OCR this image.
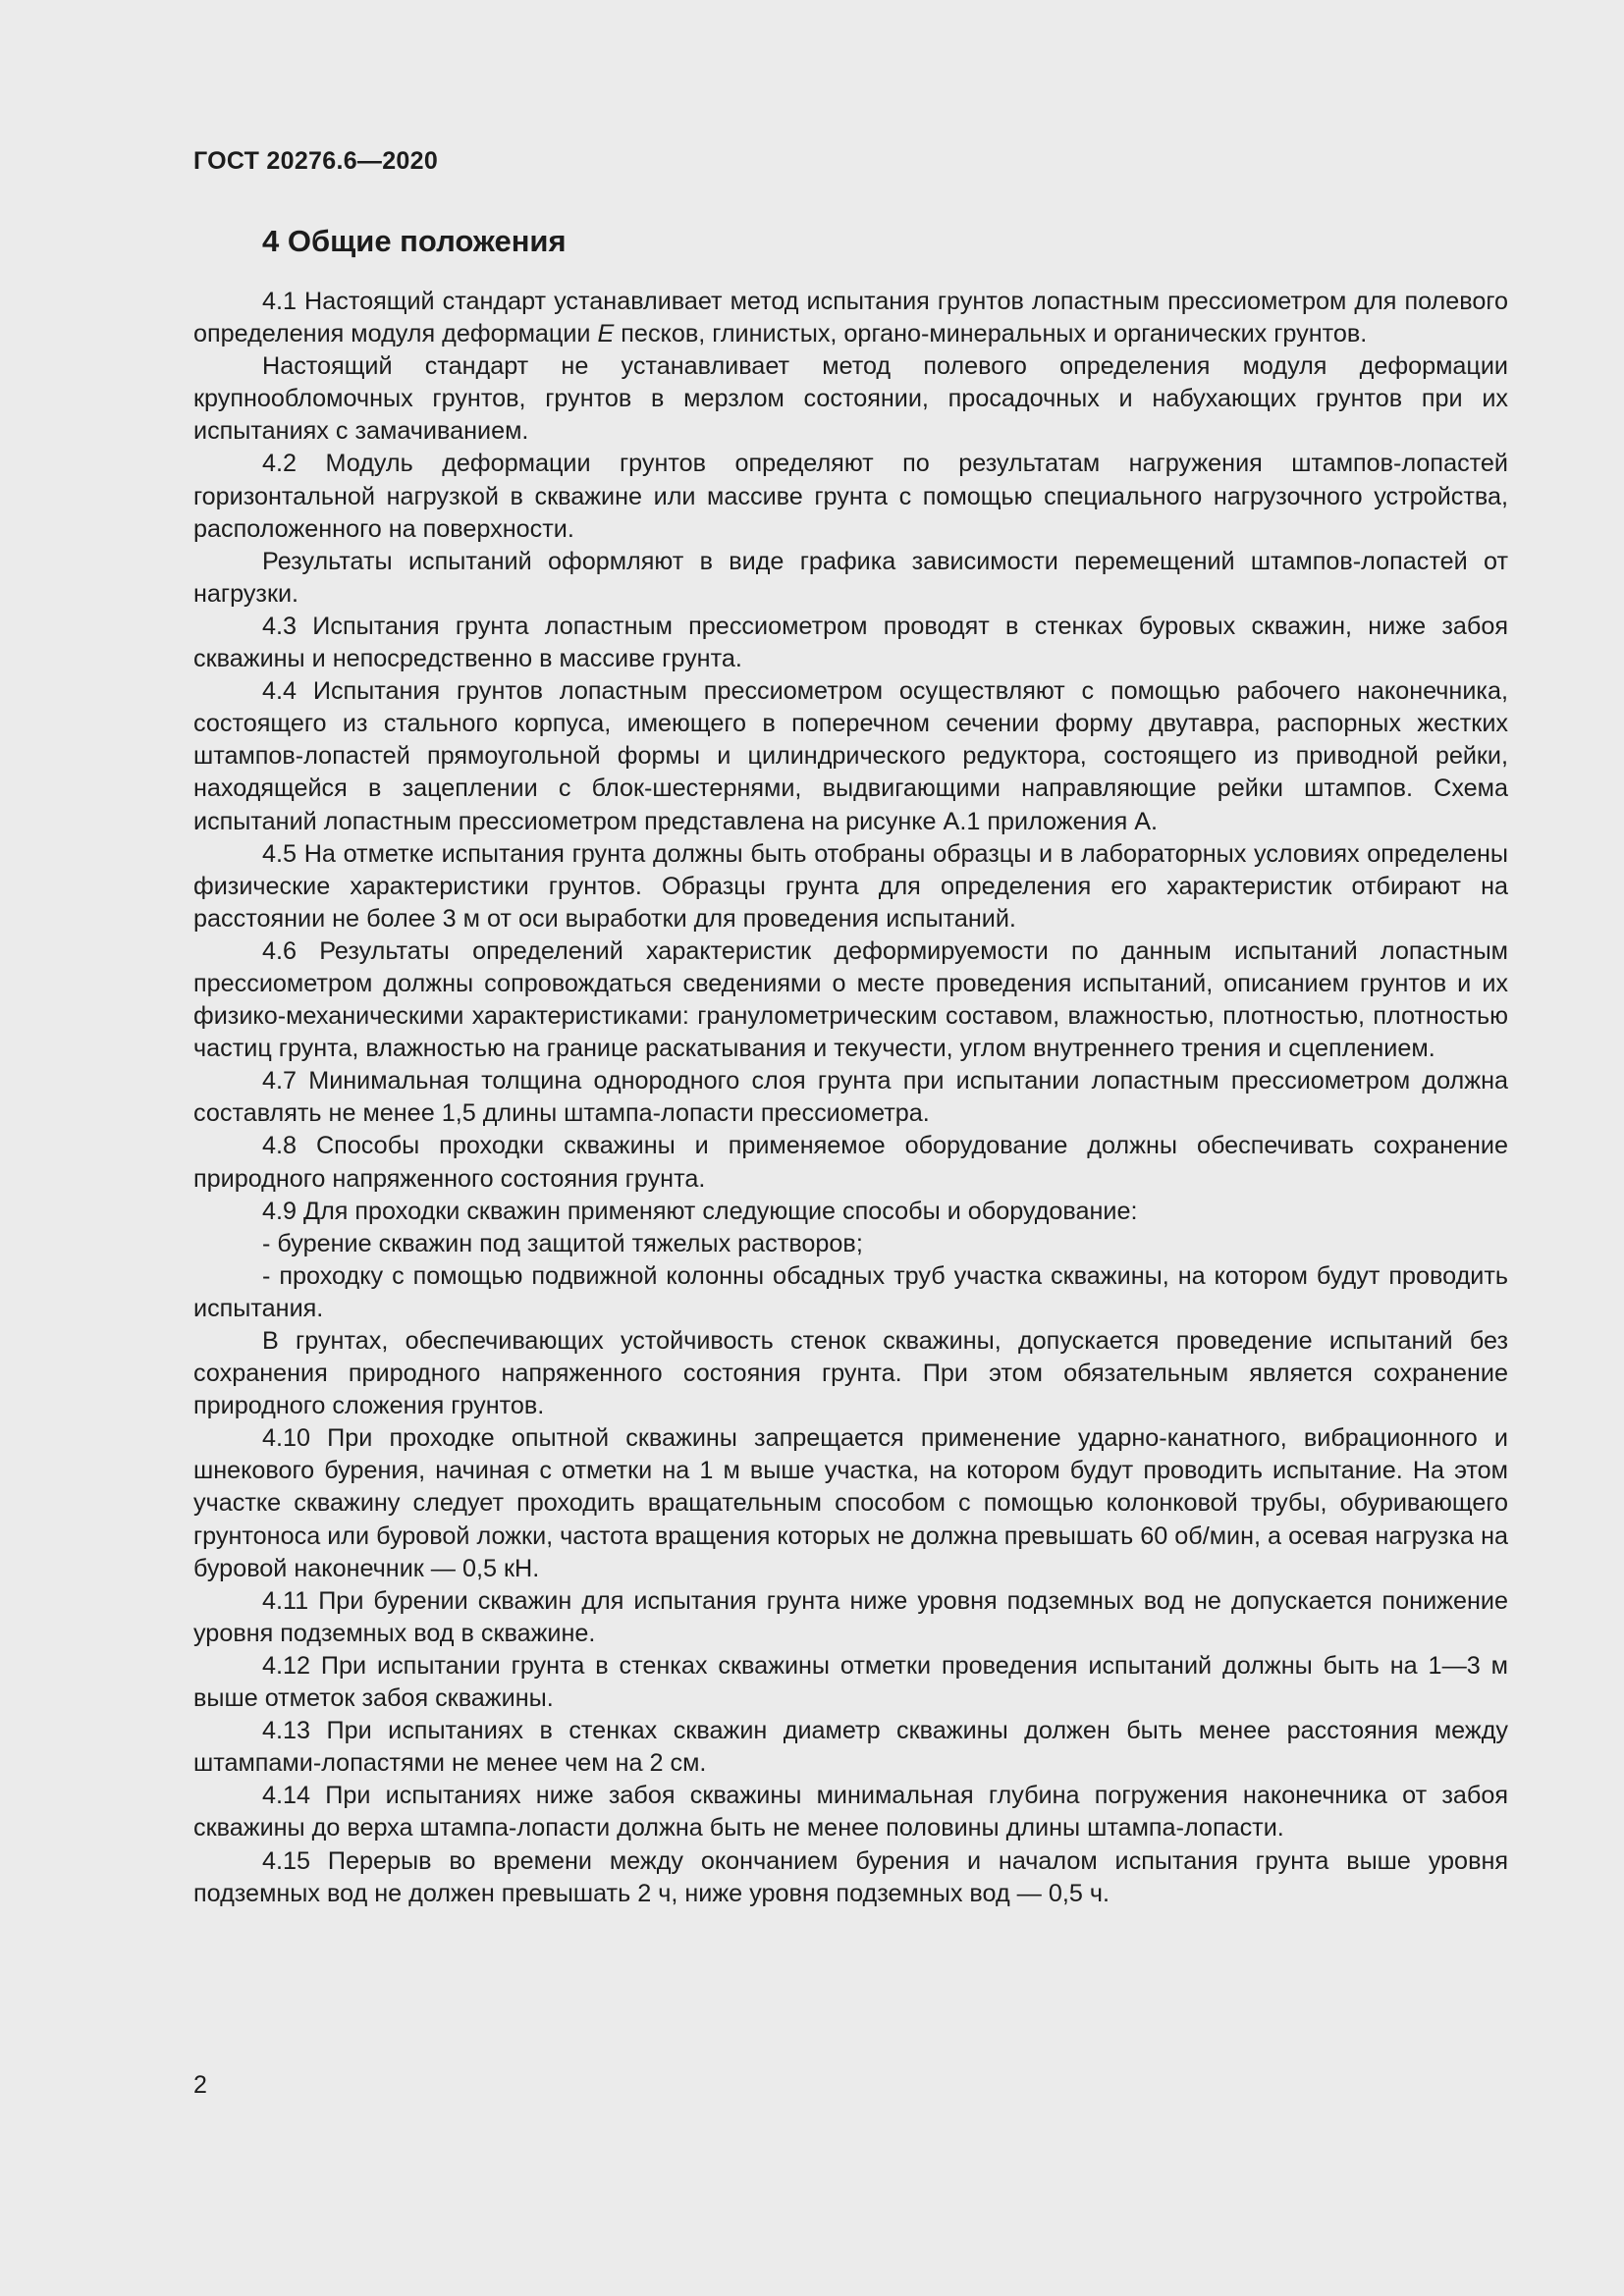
ГОСТ 20276.6—2020
4 Общие положения

4.1 Настоящий стандарт устанавливает метод испытания грунтов лопастным прессиометром для полевого определения модуля деформации E песков, глинистых, органо-минеральных и органических грунтов.

Настоящий стандарт не устанавливает метод полевого определения модуля деформации крупнообломочных грунтов, грунтов в мерзлом состоянии, просадочных и набухающих грунтов при их испытаниях с замачиванием.

4.2 Модуль деформации грунтов определяют по результатам нагружения штампов-лопастей горизонтальной нагрузкой в скважине или массиве грунта с помощью специального нагрузочного устройства, расположенного на поверхности.

Результаты испытаний оформляют в виде графика зависимости перемещений штампов-лопастей от нагрузки.

4.3 Испытания грунта лопастным прессиометром проводят в стенках буровых скважин, ниже забоя скважины и непосредственно в массиве грунта.

4.4 Испытания грунтов лопастным прессиометром осуществляют с помощью рабочего наконечника, состоящего из стального корпуса, имеющего в поперечном сечении форму двутавра, распорных жестких штампов-лопастей прямоугольной формы и цилиндрического редуктора, состоящего из приводной рейки, находящейся в зацеплении с блок-шестернями, выдвигающими направляющие рейки штампов. Схема испытаний лопастным прессиометром представлена на рисунке А.1 приложения А.

4.5 На отметке испытания грунта должны быть отобраны образцы и в лабораторных условиях определены физические характеристики грунтов. Образцы грунта для определения его характеристик отбирают на расстоянии не более 3 м от оси выработки для проведения испытаний.

4.6 Результаты определений характеристик деформируемости по данным испытаний лопастным прессиометром должны сопровождаться сведениями о месте проведения испытаний, описанием грунтов и их физико-механическими характеристиками: гранулометрическим составом, влажностью, плотностью, плотностью частиц грунта, влажностью на границе раскатывания и текучести, углом внутреннего трения и сцеплением.

4.7 Минимальная толщина однородного слоя грунта при испытании лопастным прессиометром должна составлять не менее 1,5 длины штампа-лопасти прессиометра.

4.8 Способы проходки скважины и применяемое оборудование должны обеспечивать сохранение природного напряженного состояния грунта.

4.9 Для проходки скважин применяют следующие способы и оборудование:

- бурение скважин под защитой тяжелых растворов;

- проходку с помощью подвижной колонны обсадных труб участка скважины, на котором будут проводить испытания.

В грунтах, обеспечивающих устойчивость стенок скважины, допускается проведение испытаний без сохранения природного напряженного состояния грунта. При этом обязательным является сохранение природного сложения грунтов.

4.10 При проходке опытной скважины запрещается применение ударно-канатного, вибрационного и шнекового бурения, начиная с отметки на 1 м выше участка, на котором будут проводить испытание. На этом участке скважину следует проходить вращательным способом с помощью колонковой трубы, обуривающего грунтоноса или буровой ложки, частота вращения которых не должна превышать 60 об/мин, а осевая нагрузка на буровой наконечник — 0,5 кН.

4.11 При бурении скважин для испытания грунта ниже уровня подземных вод не допускается понижение уровня подземных вод в скважине.

4.12 При испытании грунта в стенках скважины отметки проведения испытаний должны быть на 1—3 м выше отметок забоя скважины.

4.13 При испытаниях в стенках скважин диаметр скважины должен быть менее расстояния между штампами-лопастями не менее чем на 2 см.

4.14 При испытаниях ниже забоя скважины минимальная глубина погружения наконечника от забоя скважины до верха штампа-лопасти должна быть не менее половины длины штампа-лопасти.

4.15 Перерыв во времени между окончанием бурения и началом испытания грунта выше уровня подземных вод не должен превышать 2 ч, ниже уровня подземных вод — 0,5 ч.

2
